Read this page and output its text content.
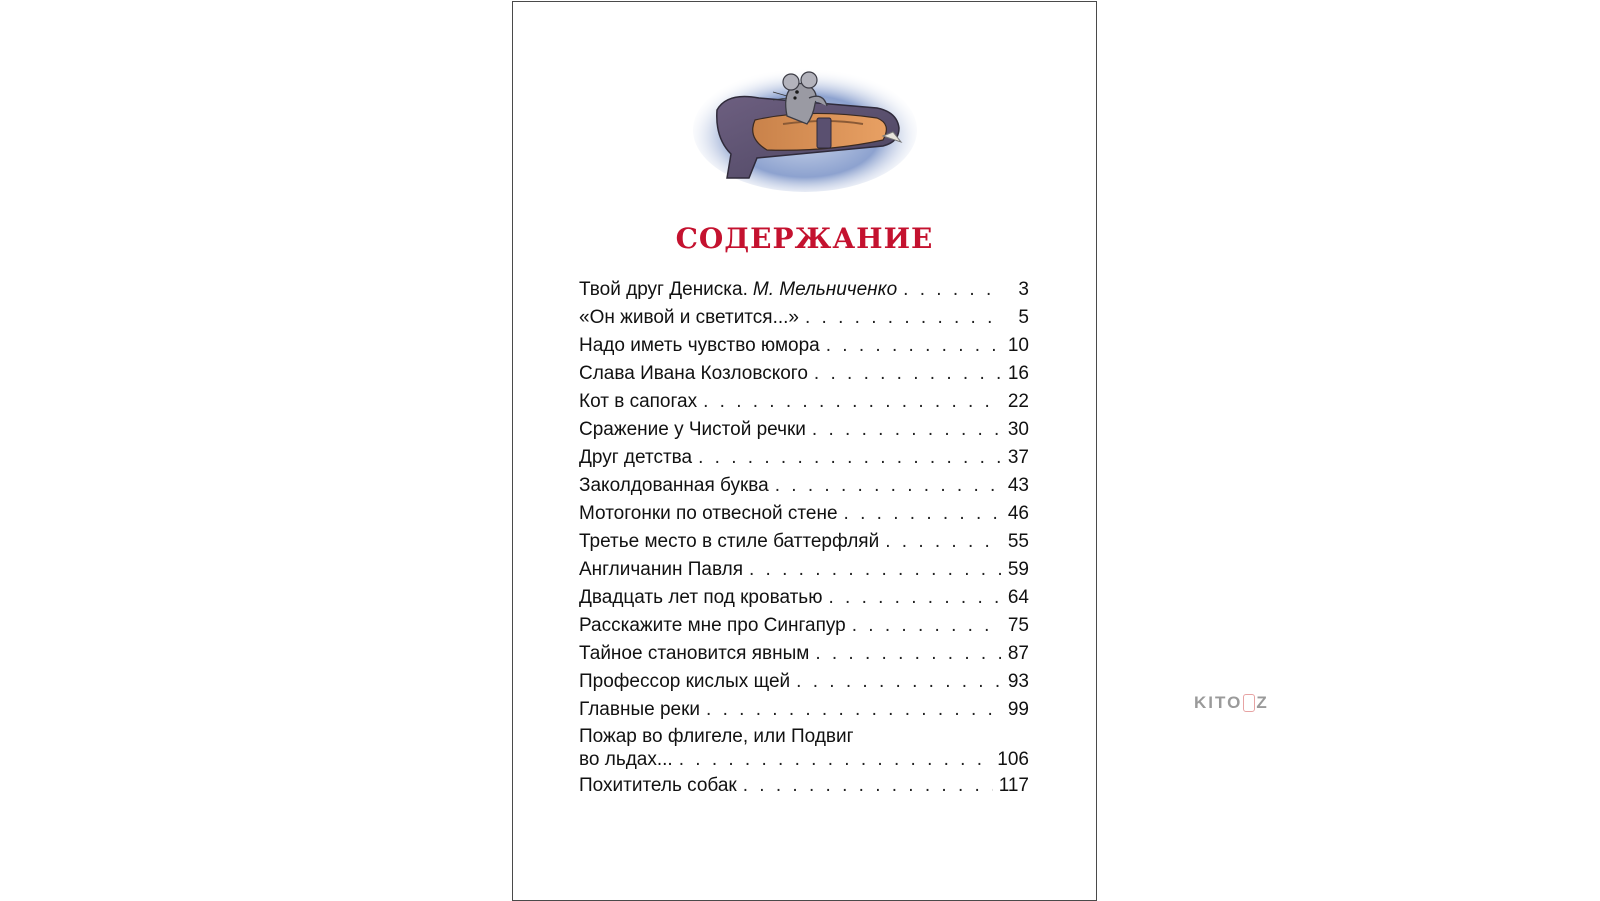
СОДЕРЖАНИЕ
Твой друг Дениска. М. Мельниченко . . .	3
«Он живой и светится...» . . .	5
Надо иметь чувство юмора . . .	10
Слава Ивана Козловского . . .	16
Кот в сапогах . . .	22
Сражение у Чистой речки . . .	30
Друг детства . . .	37
Заколдованная буква . . .	43
Мотогонки по отвесной стене . . .	46
Третье место в стиле баттерфляй . . .	55
Англичанин Павля . . .	59
Двадцать лет под кроватью . . .	64
Расскажите мне про Сингапур . . .	75
Тайное становится явным . . .	87
Профессор кислых щей . . .	93
Главные реки . . .	99
Пожар во флигеле, или Подвиг
во льдах... . . .	106
Похититель собак . . .	117
KITO Z
